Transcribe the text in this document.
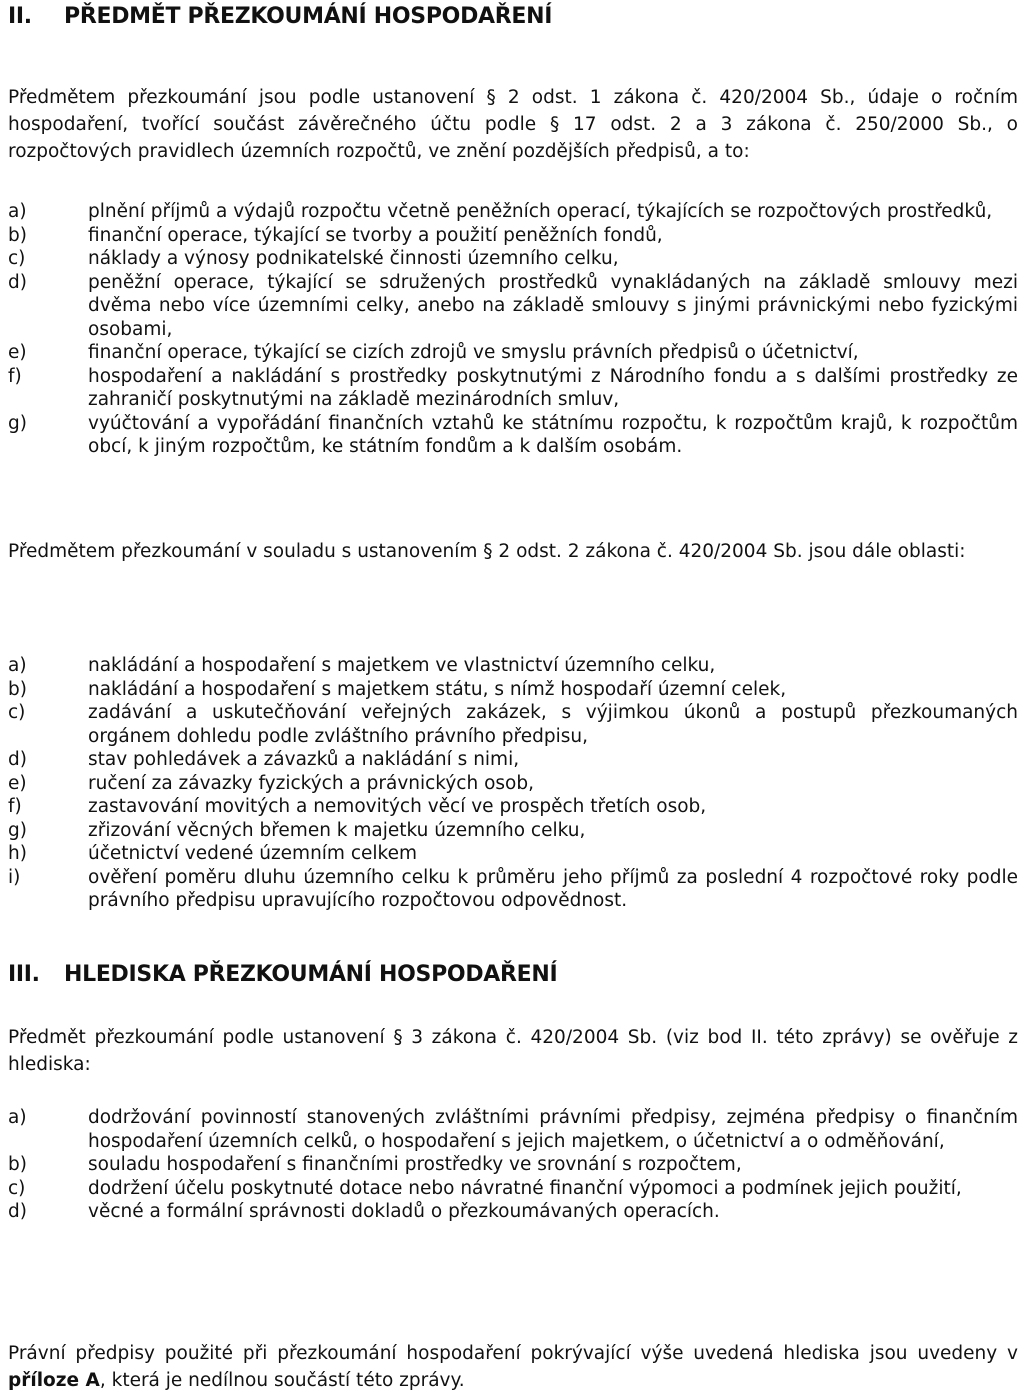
II. PŘEDMĚT PŘEZKOUMÁNÍ HOSPODAŘENÍ

Předmětem přezkoumání jsou podle ustanovení § 2 odst. 1 zákona č. 420/2004 Sb., údaje o ročním hospodaření, tvořící součást závěrečného účtu podle § 17 odst. 2 a 3 zákona č. 250/2000 Sb., o rozpočtových pravidlech územních rozpočtů, ve znění pozdějších předpisů, a to:

a)	plnění příjmů a výdajů rozpočtu včetně peněžních operací, týkajících se rozpočtových prostředků,
b)	finanční operace, týkající se tvorby a použití peněžních fondů,
c)	náklady a výnosy podnikatelské činnosti územního celku,
d)	peněžní operace, týkající se sdružených prostředků vynakládaných na základě smlouvy mezi dvěma nebo více územními celky, anebo na základě smlouvy s jinými právnickými nebo fyzickými osobami,
e)	finanční operace, týkající se cizích zdrojů ve smyslu právních předpisů o účetnictví,
f)	hospodaření a nakládání s prostředky poskytnutými z Národního fondu a s dalšími prostředky ze zahraničí poskytnutými na základě mezinárodních smluv,
g)	vyúčtování a vypořádání finančních vztahů ke státnímu rozpočtu, k rozpočtům krajů, k rozpočtům obcí, k jiným rozpočtům, ke státním fondům a k dalším osobám.

Předmětem přezkoumání v souladu s ustanovením § 2 odst. 2 zákona č. 420/2004 Sb. jsou dále oblasti:

a)	nakládání a hospodaření s majetkem ve vlastnictví územního celku,
b)	nakládání a hospodaření s majetkem státu, s nímž hospodaří územní celek,
c)	zadávání a uskutečňování veřejných zakázek, s výjimkou úkonů a postupů přezkoumaných orgánem dohledu podle zvláštního právního předpisu,
d)	stav pohledávek a závazků a nakládání s nimi,
e)	ručení za závazky fyzických a právnických osob,
f)	zastavování movitých a nemovitých věcí ve prospěch třetích osob,
g)	zřizování věcných břemen k majetku územního celku,
h)	účetnictví vedené územním celkem
i)	ověření poměru dluhu územního celku k průměru jeho příjmů za poslední 4 rozpočtové roky podle právního předpisu upravujícího rozpočtovou odpovědnost.
III. HLEDISKA PŘEZKOUMÁNÍ HOSPODAŘENÍ

Předmět přezkoumání podle ustanovení § 3 zákona č. 420/2004 Sb. (viz bod II. této zprávy) se ověřuje z hlediska:

a)	dodržování povinností stanovených zvláštními právními předpisy, zejména předpisy o finančním hospodaření územních celků, o hospodaření s jejich majetkem, o účetnictví a o odměňování,
b)	souladu hospodaření s finančními prostředky ve srovnání s rozpočtem,
c)	dodržení účelu poskytnuté dotace nebo návratné finanční výpomoci a podmínek jejich použití,
d)	věcné a formální správnosti dokladů o přezkoumávaných operacích.

Právní předpisy použité při přezkoumání hospodaření pokrývající výše uvedená hlediska jsou uvedeny v příloze A, která je nedílnou součástí této zprávy.
